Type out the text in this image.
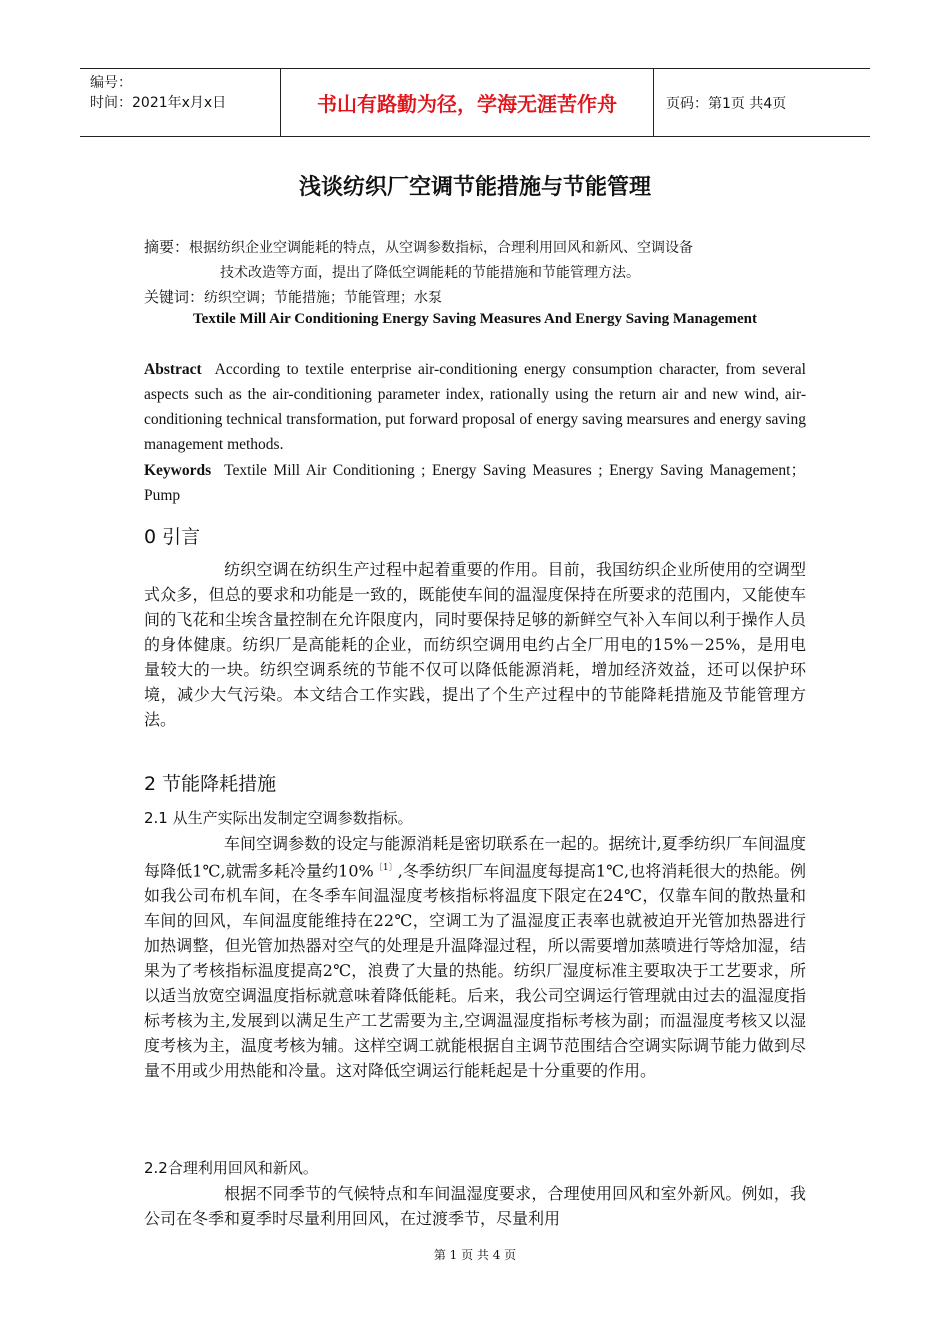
编号：
时间：2021年x月x日	书山有路勤为径，学海无涯苦作舟	页码：第1页 共4页
浅谈纺织厂空调节能措施与节能管理
摘要：根据纺织企业空调能耗的特点，从空调参数指标，合理利用回风和新风、空调设备
技术改造等方面，提出了降低空调能耗的节能措施和节能管理方法。
关键词：纺织空调；节能措施；节能管理；水泵
Textile Mill Air Conditioning Energy Saving Measures And Energy Saving Management
Abstract According to textile enterprise air-conditioning energy consumption character, from several aspects such as the air-conditioning parameter index, rationally using the return air and new wind, air-conditioning technical transformation, put forward proposal of energy saving mearsures and energy saving management methods.
Keywords Textile Mill Air Conditioning ; Energy Saving Measures ; Energy Saving Management；Pump
0 引言
纺织空调在纺织生产过程中起着重要的作用。目前，我国纺织企业所使用的空调型式众多，但总的要求和功能是一致的，既能使车间的温湿度保持在所要求的范围内，又能使车间的飞花和尘埃含量控制在允许限度内，同时要保持足够的新鲜空气补入车间以利于操作人员的身体健康。纺织厂是高能耗的企业，而纺织空调用电约占全厂用电的15%－25%，是用电量较大的一块。纺织空调系统的节能不仅可以降低能源消耗，增加经济效益，还可以保护环境，减少大气污染。本文结合工作实践，提出了个生产过程中的节能降耗措施及节能管理方法。
2 节能降耗措施
2.1 从生产实际出发制定空调参数指标。
车间空调参数的设定与能源消耗是密切联系在一起的。据统计,夏季纺织厂车间温度每降低1℃,就需多耗冷量约10%$^{〔1〕}$,冬季纺织厂车间温度每提高1℃,也将消耗很大的热能。例如我公司布机车间，在冬季车间温湿度考核指标将温度下限定在24℃，仅靠车间的散热量和车间的回风，车间温度能维持在22℃，空调工为了温湿度正表率也就被迫开光管加热器进行加热调整，但光管加热器对空气的处理是升温降湿过程，所以需要增加蒸喷进行等焓加湿，结果为了考核指标温度提高2℃，浪费了大量的热能。纺织厂湿度标准主要取决于工艺要求，所以适当放宽空调温度指标就意味着降低能耗。后来，我公司空调运行管理就由过去的温湿度指标考核为主,发展到以满足生产工艺需要为主,空调温湿度指标考核为副；而温湿度考核又以湿度考核为主，温度考核为辅。这样空调工就能根据自主调节范围结合空调实际调节能力做到尽量不用或少用热能和冷量。这对降低空调运行能耗起是十分重要的作用。
2.2合理利用回风和新风。
根据不同季节的气候特点和车间温湿度要求，合理使用回风和室外新风。例如，我公司在冬季和夏季时尽量利用回风，在过渡季节，尽量利用
第 1 页 共 4 页
